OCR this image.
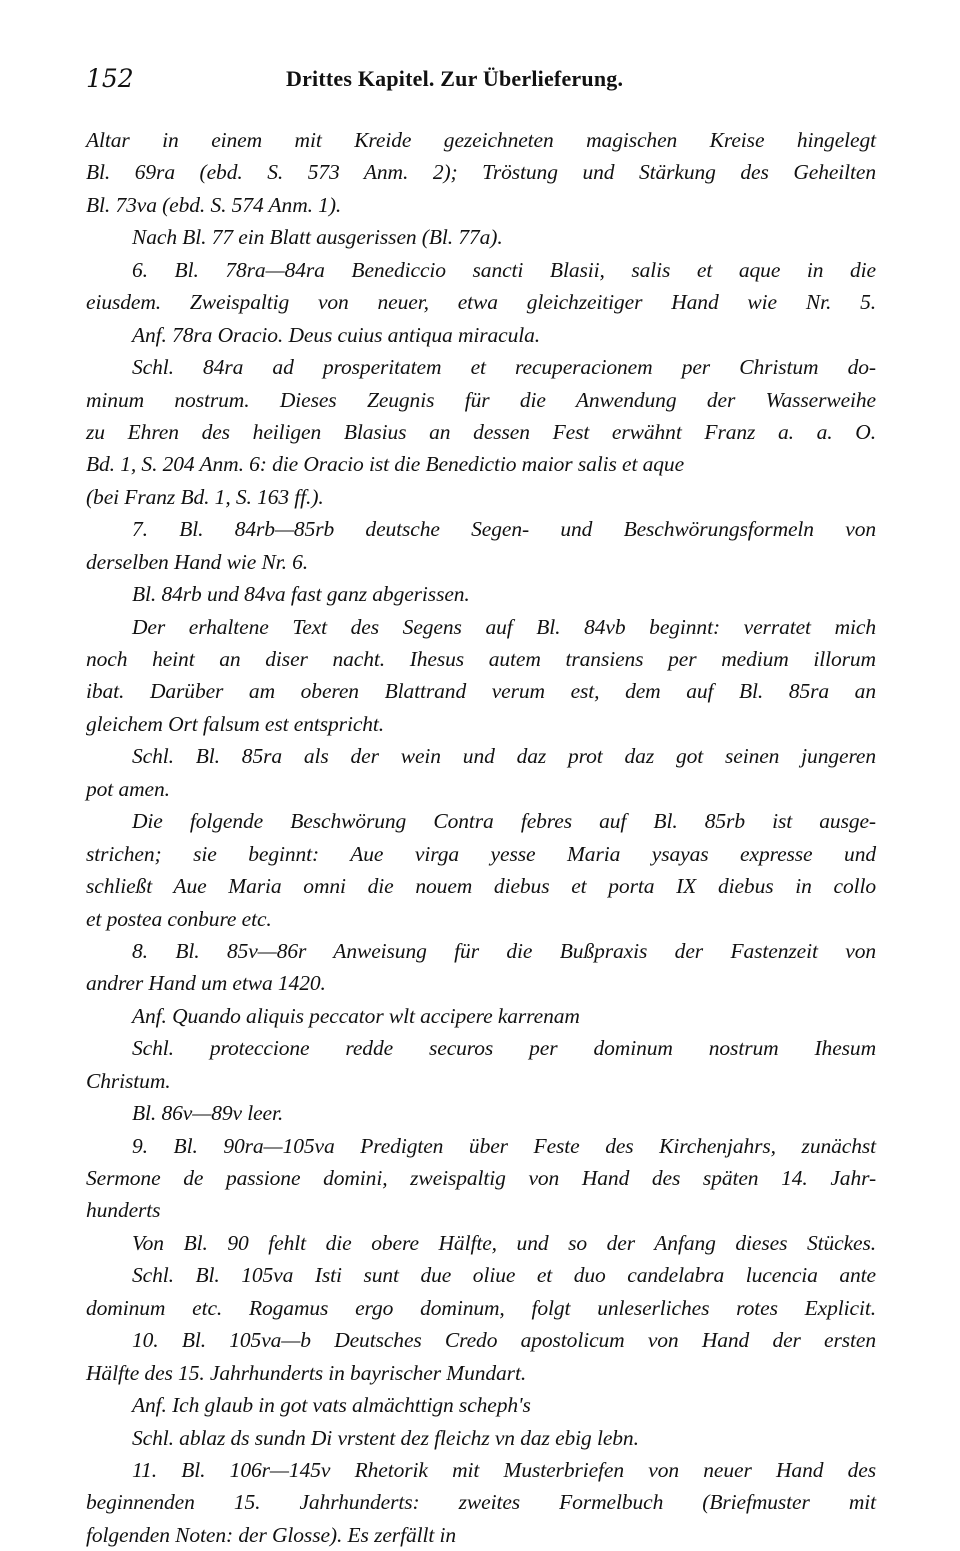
152	Drittes Kapitel. Zur Überlieferung.
Altar in einem mit Kreide gezeichneten magischen Kreise hingelegt
Bl. 69ra (ebd. S. 573 Anm. 2); Tröstung und Stärkung des Geheilten
Bl. 73va (ebd. S. 574 Anm. 1).
Nach Bl. 77 ein Blatt ausgerissen (Bl. 77a).
6. Bl. 78ra—84ra Benediccio sancti Blasii, salis et aque in die
eiusdem. Zweispaltig von neuer, etwa gleichzeitiger Hand wie Nr. 5.
Anf. 78ra Oracio. Deus cuius antiqua miracula.
Schl. 84ra ad prosperitatem et recuperacionem per Christum do-
minum nostrum. Dieses Zeugnis für die Anwendung der Wasserweihe
zu Ehren des heiligen Blasius an dessen Fest erwähnt Franz a. a. O.
Bd. 1, S. 204 Anm. 6: die Oracio ist die Benedictio maior salis et aque
(bei Franz Bd. 1, S. 163 ff.).
7. Bl. 84rb—85rb deutsche Segen- und Beschwörungsformeln von
derselben Hand wie Nr. 6.
Bl. 84rb und 84va fast ganz abgerissen.
Der erhaltene Text des Segens auf Bl. 84vb beginnt: verratet mich
noch heint an diser nacht. Ihesus autem transiens per medium illorum
ibat. Darüber am oberen Blattrand verum est, dem auf Bl. 85ra an
gleichem Ort falsum est entspricht.
Schl. Bl. 85ra als der wein und daz prot daz got seinen jungeren
pot amen.
Die folgende Beschwörung Contra febres auf Bl. 85rb ist ausge-
strichen; sie beginnt: Aue virga yesse Maria ysayas expresse und
schließt Aue Maria omni die nouem diebus et porta IX diebus in collo
et postea conbure etc.
8. Bl. 85v—86r Anweisung für die Bußpraxis der Fastenzeit von
andrer Hand um etwa 1420.
Anf. Quando aliquis peccator wlt accipere karrenam
Schl. proteccione redde securos per dominum nostrum Ihesum
Christum.
Bl. 86v—89v leer.
9. Bl. 90ra—105va Predigten über Feste des Kirchenjahrs, zunächst
Sermone de passione domini, zweispaltig von Hand des späten 14. Jahr-
hunderts
Von Bl. 90 fehlt die obere Hälfte, und so der Anfang dieses Stückes.
Schl. Bl. 105va Isti sunt due oliue et duo candelabra lucencia ante
dominum etc. Rogamus ergo dominum, folgt unleserliches rotes Explicit.
10. Bl. 105va—b Deutsches Credo apostolicum von Hand der ersten
Hälfte des 15. Jahrhunderts in bayrischer Mundart.
Anf. Ich glaub in got vats almächttign scheph's
Schl. ablaz ds sundn Di vrstent dez fleichz vn daz ebig lebn.
11. Bl. 106r—145v Rhetorik mit Musterbriefen von neuer Hand des
beginnenden 15. Jahrhunderts: zweites Formelbuch (Briefmuster mit
folgenden Noten: der Glosse). Es zerfällt in
